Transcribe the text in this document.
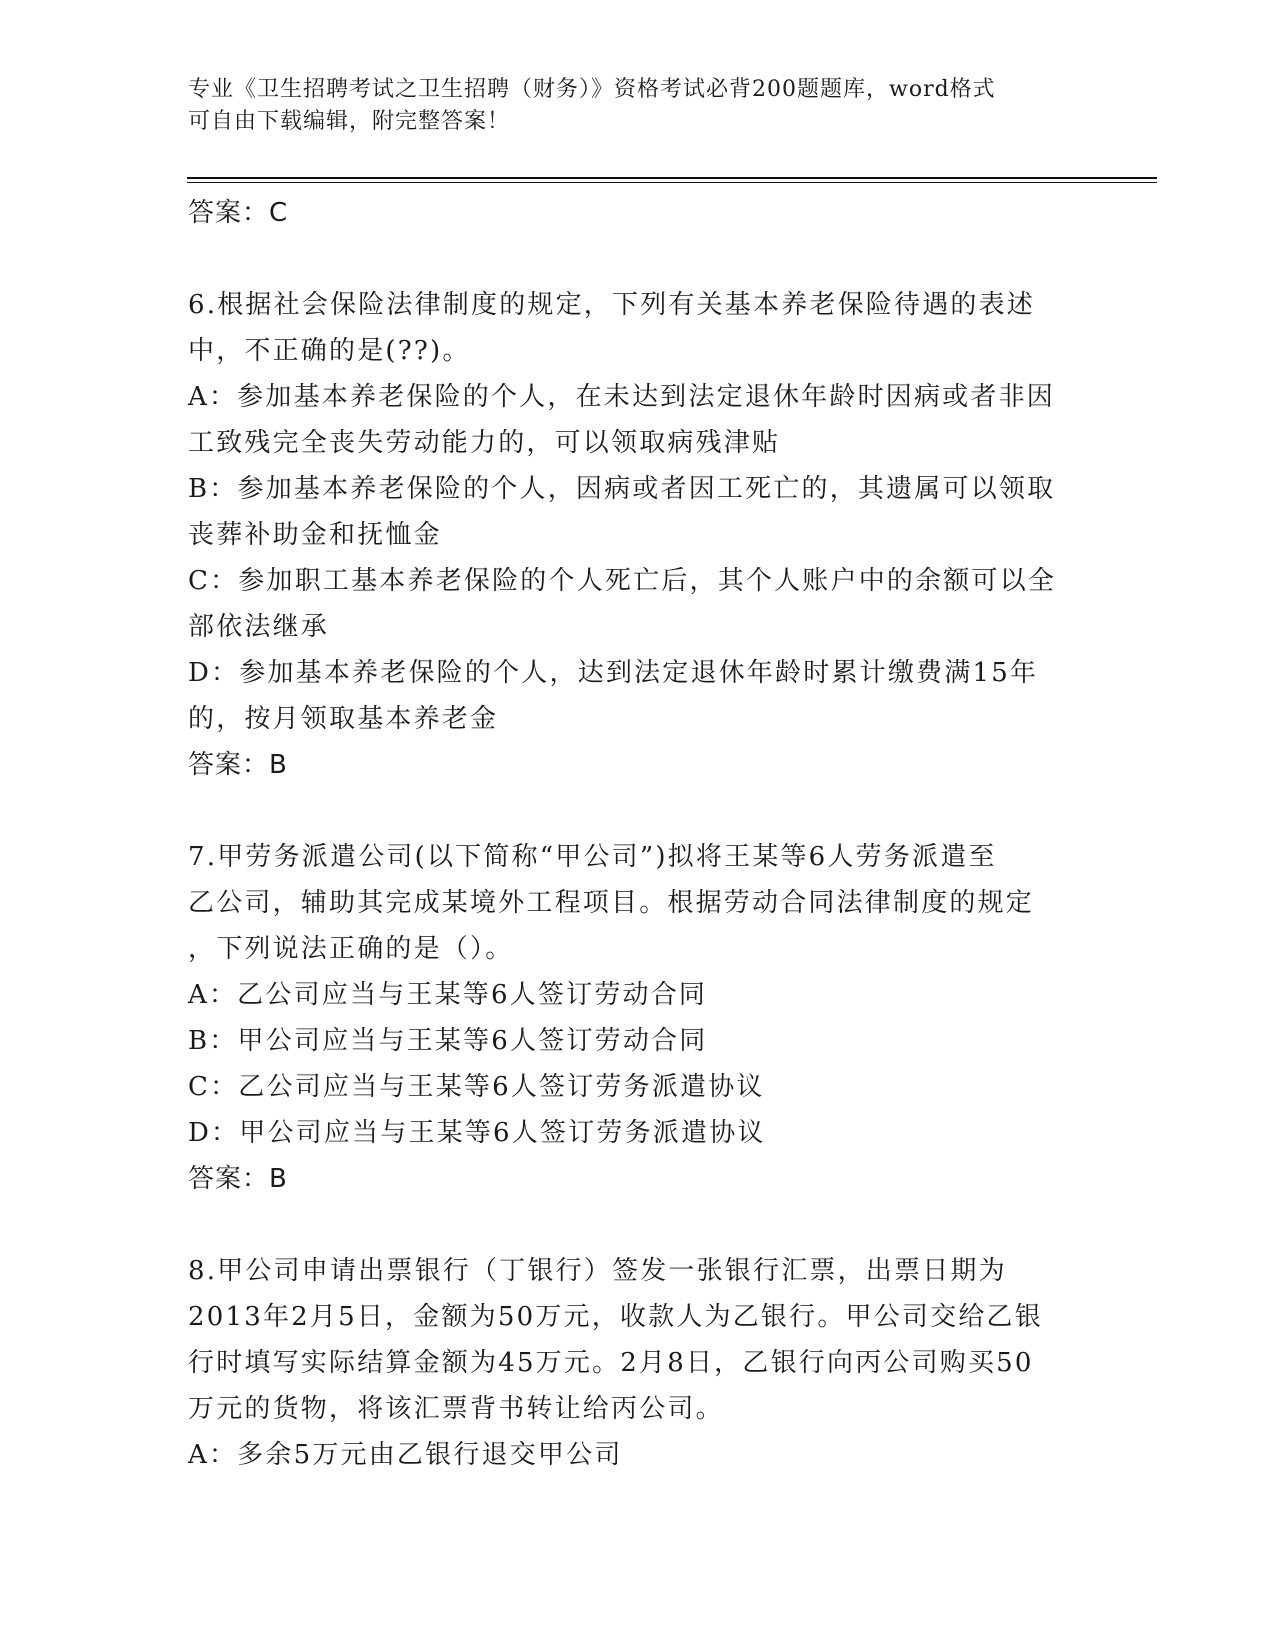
专业《卫生招聘考试之卫生招聘（财务）》资格考试必背200题题库，word格式
可自由下载编辑，附完整答案！
答案：C
6.根据社会保险法律制度的规定，下列有关基本养老保险待遇的表述
中，不正确的是(??)。
A：参加基本养老保险的个人，在未达到法定退休年龄时因病或者非因
工致残完全丧失劳动能力的，可以领取病残津贴
B：参加基本养老保险的个人，因病或者因工死亡的，其遗属可以领取
丧葬补助金和抚恤金
C：参加职工基本养老保险的个人死亡后，其个人账户中的余额可以全
部依法继承
D：参加基本养老保险的个人，达到法定退休年龄时累计缴费满15年
的，按月领取基本养老金
答案：B
7.甲劳务派遣公司(以下简称“甲公司”)拟将王某等6人劳务派遣至
乙公司，辅助其完成某境外工程项目。根据劳动合同法律制度的规定
，下列说法正确的是（）。
A：乙公司应当与王某等6人签订劳动合同
B：甲公司应当与王某等6人签订劳动合同
C：乙公司应当与王某等6人签订劳务派遣协议
D：甲公司应当与王某等6人签订劳务派遣协议
答案：B
8.甲公司申请出票银行（丁银行）签发一张银行汇票，出票日期为
2013年2月5日，金额为50万元，收款人为乙银行。甲公司交给乙银
行时填写实际结算金额为45万元。2月8日，乙银行向丙公司购买50
万元的货物，将该汇票背书转让给丙公司。
A：多余5万元由乙银行退交甲公司
